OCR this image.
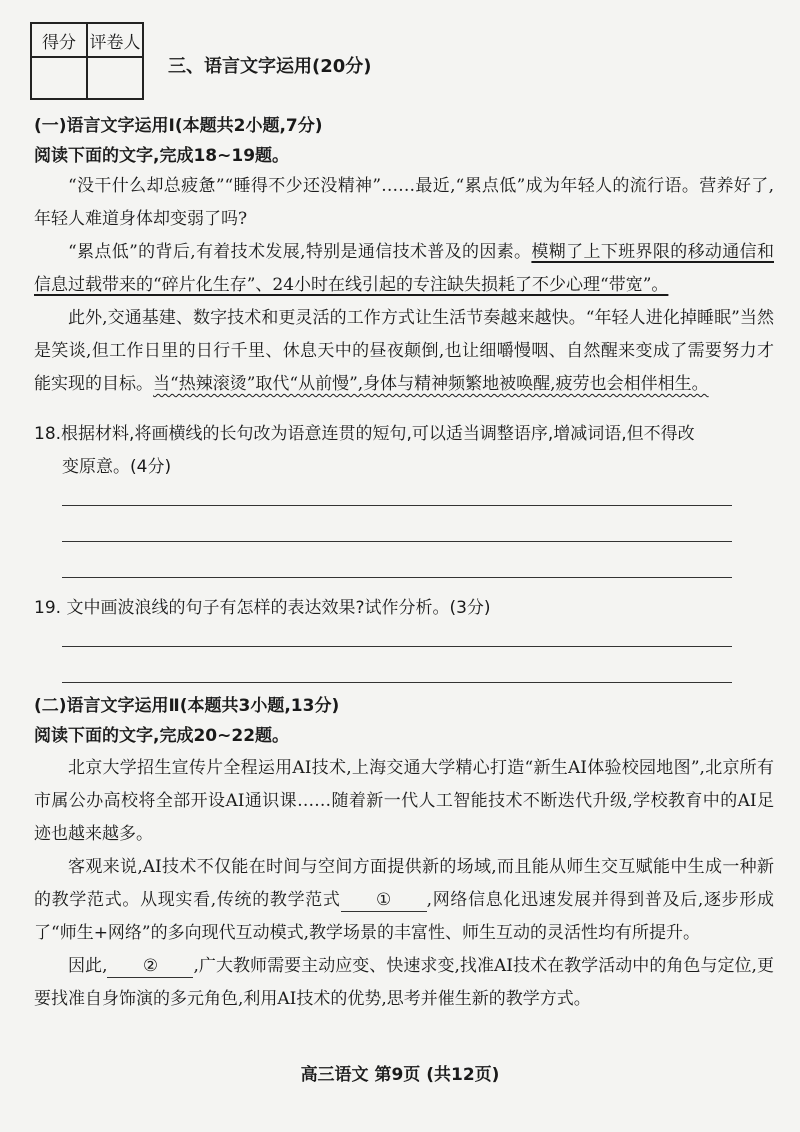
得分	评卷人

三、语言文字运用(20分)
(一)语言文字运用Ⅰ(本题共2小题,7分)
阅读下面的文字,完成18~19题。

“没干什么却总疲惫”“睡得不少还没精神”……最近,“累点低”成为年轻人的流行语。营养好了,年轻人难道身体却变弱了吗?

“累点低”的背后,有着技术发展,特别是通信技术普及的因素。模糊了上下班界限的移动通信和信息过载带来的“碎片化生存”、24小时在线引起的专注缺失损耗了不少心理“带宽”。

此外,交通基建、数字技术和更灵活的工作方式让生活节奏越来越快。“年轻人进化掉睡眠”当然是笑谈,但工作日里的日行千里、休息天中的昼夜颠倒,也让细嚼慢咽、自然醒来变成了需要努力才能实现的目标。当“热辣滚烫”取代“从前慢”,身体与精神频繁地被唤醒,疲劳也会相伴相生。

18.根据材料,将画横线的长句改为语意连贯的短句,可以适当调整语序,增减词语,但不得改
变原意。(4分)

19. 文中画波浪线的句子有怎样的表达效果?试作分析。(3分)

(二)语言文字运用Ⅱ(本题共3小题,13分)
阅读下面的文字,完成20~22题。

北京大学招生宣传片全程运用AI技术,上海交通大学精心打造“新生AI体验校园地图”,北京所有市属公办高校将全部开设AI通识课……随着新一代人工智能技术不断迭代升级,学校教育中的AI足迹也越来越多。

客观来说,AI技术不仅能在时间与空间方面提供新的场域,而且能从师生交互赋能中生成一种新的教学范式。从现实看,传统的教学范式 ① ,网络信息化迅速发展并得到普及后,逐步形成了“师生+网络”的多向现代互动模式,教学场景的丰富性、师生互动的灵活性均有所提升。

因此, ② ,广大教师需要主动应变、快速求变,找准AI技术在教学活动中的角色与定位,更要找准自身饰演的多元角色,利用AI技术的优势,思考并催生新的教学方式。

高三语文 第9页 (共12页)
